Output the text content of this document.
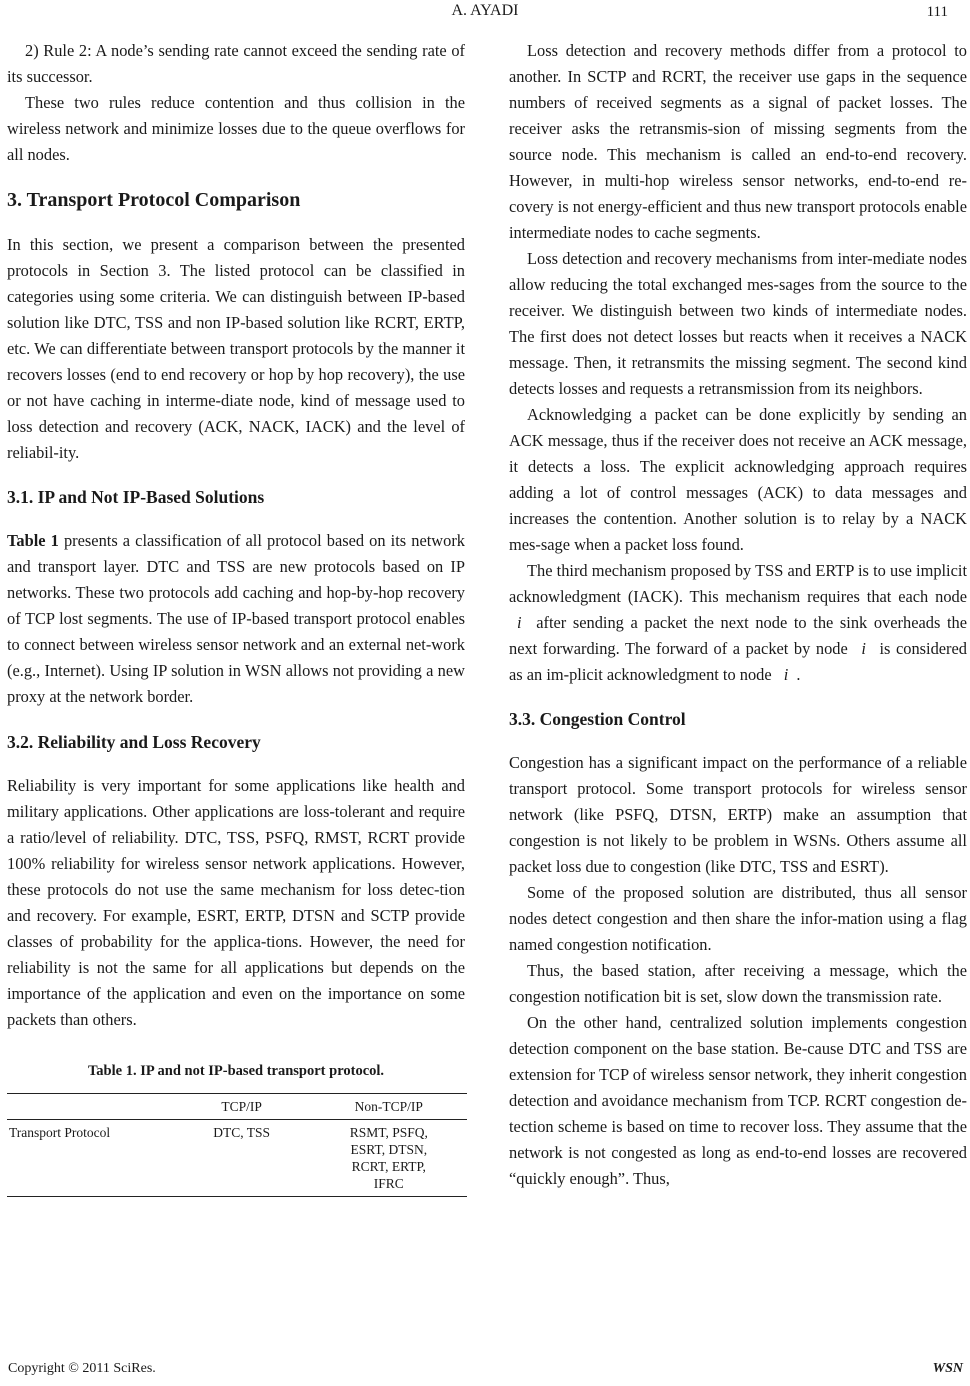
A. AYADI	111

2) Rule 2: A node’s sending rate cannot exceed the sending rate of its successor.

These two rules reduce contention and thus collision in the wireless network and minimize losses due to the queue overflows for all nodes.

3. Transport Protocol Comparison

In this section, we present a comparison between the presented protocols in Section 3. The listed protocol can be classified in categories using some criteria. We can distinguish between IP-based solution like DTC, TSS and non IP-based solution like RCRT, ERTP, etc. We can differentiate between transport protocols by the manner it recovers losses (end to end recovery or hop by hop recovery), the use or not have caching in interme-diate node, kind of message used to loss detection and recovery (ACK, NACK, IACK) and the level of reliabil-ity.

3.1. IP and Not IP-Based Solutions

Table 1 presents a classification of all protocol based on its network and transport layer. DTC and TSS are new protocols based on IP networks. These two protocols add caching and hop-by-hop recovery of TCP lost segments. The use of IP-based transport protocol enables to connect between wireless sensor network and an external net-work (e.g., Internet). Using IP solution in WSN allows not providing a new proxy at the network border.

3.2. Reliability and Loss Recovery

Reliability is very important for some applications like health and military applications. Other applications are loss-tolerant and require a ratio/level of reliability. DTC, TSS, PSFQ, RMST, RCRT provide 100% reliability for wireless sensor network applications. However, these protocols do not use the same mechanism for loss detec-tion and recovery. For example, ESRT, ERTP, DTSN and SCTP provide classes of probability for the applica-tions. However, the need for reliability is not the same for all applications but depends on the importance of the application and even on the importance on some packets than others.

Table 1. IP and not IP-based transport protocol.

	TCP/IP	Non-TCP/IP
Transport Protocol	DTC, TSS	RSMT, PSFQ,
ESRT, DTSN,
RCRT, ERTP,
IFRC

Loss detection and recovery methods differ from a protocol to another. In SCTP and RCRT, the receiver use gaps in the sequence numbers of received segments as a signal of packet losses. The receiver asks the retransmis-sion of missing segments from the source node. This mechanism is called an end-to-end recovery. However, in multi-hop wireless sensor networks, end-to-end re-covery is not energy-efficient and thus new transport protocols enable intermediate nodes to cache segments.

Loss detection and recovery mechanisms from inter-mediate nodes allow reducing the total exchanged mes-sages from the source to the receiver. We distinguish between two kinds of intermediate nodes. The first does not detect losses but reacts when it receives a NACK message. Then, it retransmits the missing segment. The second kind detects losses and requests a retransmission from its neighbors.

Acknowledging a packet can be done explicitly by sending an ACK message, thus if the receiver does not receive an ACK message, it detects a loss. The explicit acknowledging approach requires adding a lot of control messages (ACK) to data messages and increases the contention. Another solution is to relay by a NACK mes-sage when a packet loss found.

The third mechanism proposed by TSS and ERTP is to use implicit acknowledgment (IACK). This mechanism requires that each node i after sending a packet the next node to the sink overheads the next forwarding. The forward of a packet by node i is considered as an im-plicit acknowledgment to node i .

3.3. Congestion Control

Congestion has a significant impact on the performance of a reliable transport protocol. Some transport protocols for wireless sensor network (like PSFQ, DTSN, ERTP) make an assumption that congestion is not likely to be problem in WSNs. Others assume all packet loss due to congestion (like DTC, TSS and ESRT).

Some of the proposed solution are distributed, thus all sensor nodes detect congestion and then share the infor-mation using a flag named congestion notification.

Thus, the based station, after receiving a message, which the congestion notification bit is set, slow down the transmission rate.

On the other hand, centralized solution implements congestion detection component on the base station. Be-cause DTC and TSS are extension for TCP of wireless sensor network, they inherit congestion detection and avoidance mechanism from TCP. RCRT congestion de-tection scheme is based on time to recover loss. They assume that the network is not congested as long as end-to-end losses are recovered “quickly enough”. Thus,

Copyright © 2011 SciRes.	WSN
